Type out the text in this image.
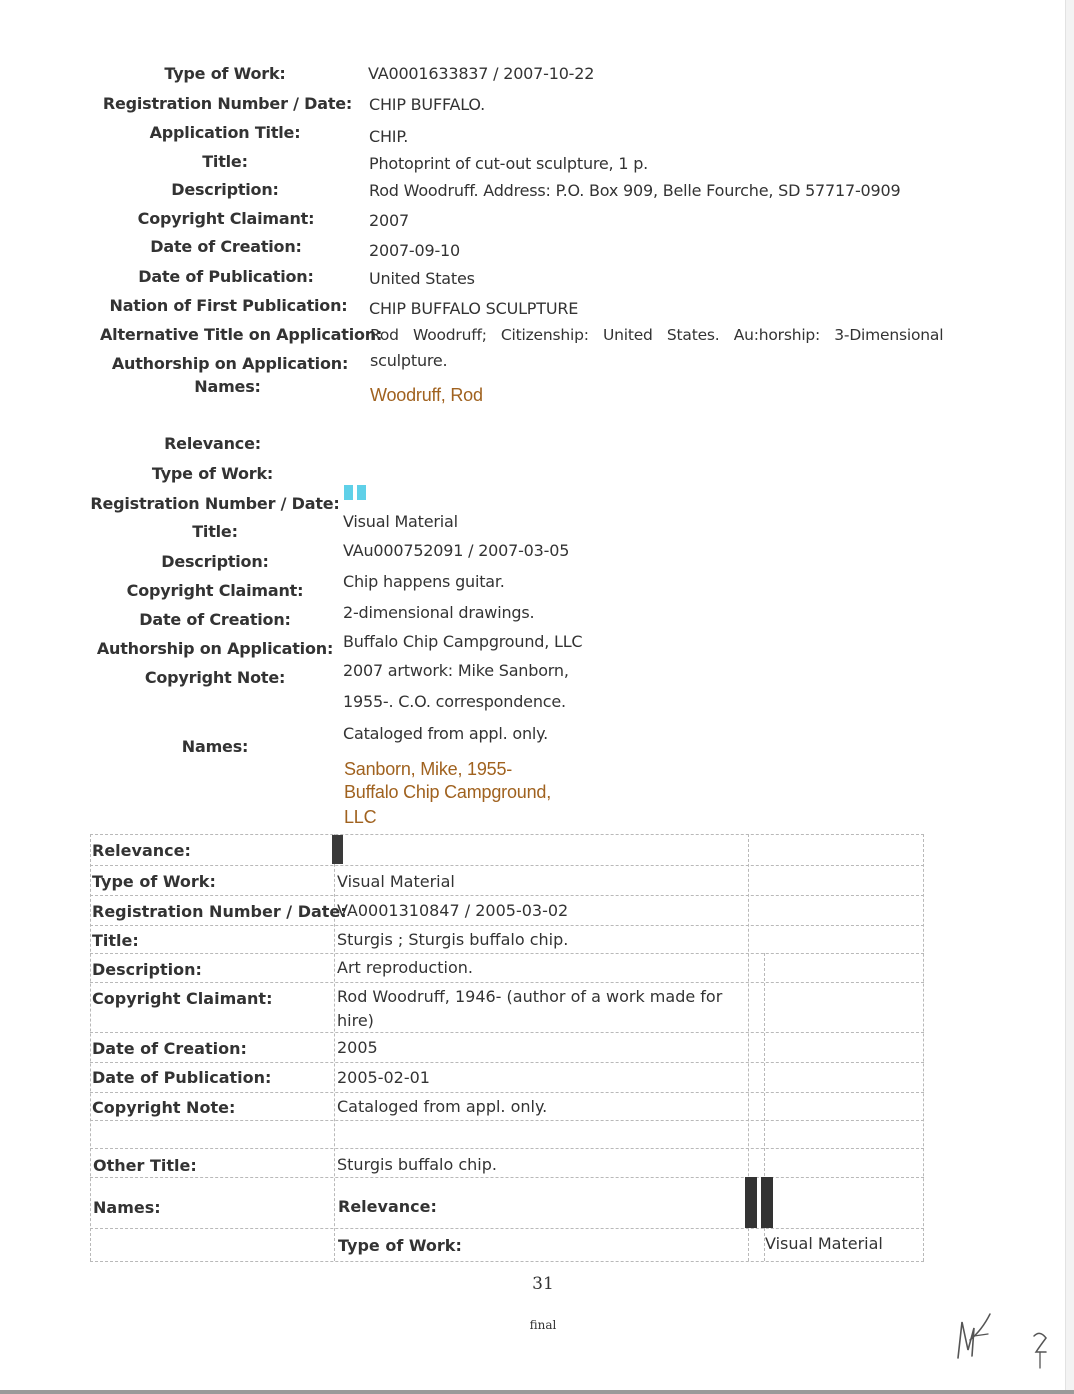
Type of Work:
Registration Number / Date:
Application Title:
Title:
Description:
Copyright Claimant:
Date of Creation:
Date of Publication:
Nation of First Publication:
Alternative Title on Application:
Authorship on Application:
Names:
VA0001633837 / 2007-10-22
CHIP BUFFALO.
CHIP.
Photoprint of cut-out sculpture, 1 p.
Rod Woodruff. Address: P.O. Box 909, Belle Fourche, SD 57717-0909
2007
2007-09-10
United States
CHIP BUFFALO SCULPTURE
Rod   Woodruff;   Citizenship:   United   States.   Au:horship:   3-Dimensional
sculpture.
Woodruff, Rod
Relevance:
Type of Work:
Registration Number / Date:
Title:
Description:
Copyright Claimant:
Date of Creation:
Authorship on Application:
Copyright Note:
Names:
Visual Material
VAu000752091 / 2007-03-05
Chip happens guitar.
2-dimensional drawings.
Buffalo Chip Campground, LLC
2007 artwork: Mike Sanborn,
1955-. C.O. correspondence.
Cataloged from appl. only.
Sanborn, Mike, 1955-
Buffalo Chip Campground,
LLC
Relevance:
Type of Work:
Registration Number / Date:
Title:
Description:
Copyright Claimant:
Date of Creation:
Date of Publication:
Copyright Note:
Other Title:
Names:
Visual Material
VA0001310847 / 2005-03-02
Sturgis ; Sturgis buffalo chip.
Art reproduction.
Rod Woodruff, 1946- (author of a work made for
hire)
2005
2005-02-01
Cataloged from appl. only.
Sturgis buffalo chip.
Relevance:
Type of Work:	Visual Material
31
final
